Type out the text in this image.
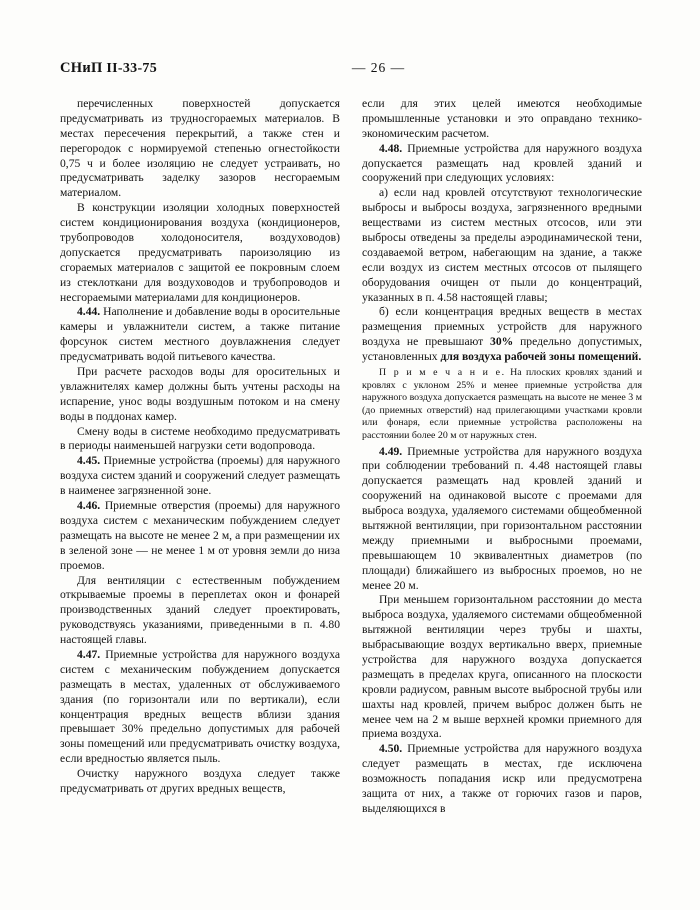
СНиП II-33-75	— 26 —

перечисленных поверхностей допускается предусматривать из трудносгораемых материалов. В местах пересечения перекрытий, а также стен и перегородок с нормируемой степенью огнестойкости 0,75 ч и более изоляцию не следует устраивать, но предусматривать заделку зазоров несгораемым материалом.

В конструкции изоляции холодных поверхностей систем кондиционирования воздуха (кондиционеров, трубопроводов холодоносителя, воздуховодов) допускается предусматривать пароизоляцию из сгораемых материалов с защитой ее покровным слоем из стеклоткани для воздуховодов и трубопроводов и несгораемыми материалами для кондиционеров.

4.44. Наполнение и добавление воды в оросительные камеры и увлажнители систем, а также питание форсунок систем местного доувлажнения следует предусматривать водой питьевого качества.

При расчете расходов воды для оросительных и увлажнителях камер должны быть учтены расходы на испарение, унос воды воздушным потоком и на смену воды в поддонах камер.

Смену воды в системе необходимо предусматривать в периоды наименьшей нагрузки сети водопровода.

4.45. Приемные устройства (проемы) для наружного воздуха систем зданий и сооружений следует размещать в наименее загрязненной зоне.

4.46. Приемные отверстия (проемы) для наружного воздуха систем с механическим побуждением следует размещать на высоте не менее 2 м, а при размещении их в зеленой зоне — не менее 1 м от уровня земли до низа проемов.

Для вентиляции с естественным побуждением открываемые проемы в переплетах окон и фонарей производственных зданий следует проектировать, руководствуясь указаниями, приведенными в п. 4.80 настоящей главы.

4.47. Приемные устройства для наружного воздуха систем с механическим побуждением допускается размещать в местах, удаленных от обслуживаемого здания (по горизонтали или по вертикали), если концентрация вредных веществ вблизи здания превышает 30% предельно допустимых для рабочей зоны помещений или предусматривать очистку воздуха, если вредностью является пыль.

Очистку наружного воздуха следует также предусматривать от других вредных веществ,

если для этих целей имеются необходимые промышленные установки и это оправдано технико-экономическим расчетом.

4.48. Приемные устройства для наружного воздуха допускается размещать над кровлей зданий и сооружений при следующих условиях:

а) если над кровлей отсутствуют технологические выбросы и выбросы воздуха, загрязненного вредными веществами из систем местных отсосов, или эти выбросы отведены за пределы аэродинамической тени, создаваемой ветром, набегающим на здание, а также если воздух из систем местных отсосов от пылящего оборудования очищен от пыли до концентраций, указанных в п. 4.58 настоящей главы;

б) если концентрация вредных веществ в местах размещения приемных устройств для наружного воздуха не превышают 30% предельно допустимых, установленных для воздуха рабочей зоны помещений.

П р и м е ч а н и е. На плоских кровлях зданий и кровлях с уклоном 25% и менее приемные устройства для наружного воздуха допускается размещать на высоте не менее 3 м (до приемных отверстий) над прилегающими участками кровли или фонаря, если приемные устройства расположены на расстоянии более 20 м от наружных стен.

4.49. Приемные устройства для наружного воздуха при соблюдении требований п. 4.48 настоящей главы допускается размещать над кровлей зданий и сооружений на одинаковой высоте с проемами для выброса воздуха, удаляемого системами общеобменной вытяжной вентиляции, при горизонтальном расстоянии между приемными и выбросными проемами, превышающем 10 эквивалентных диаметров (по площади) ближайшего из выбросных проемов, но не менее 20 м.

При меньшем горизонтальном расстоянии до места выброса воздуха, удаляемого системами общеобменной вытяжной вентиляции через трубы и шахты, выбрасывающие воздух вертикально вверх, приемные устройства для наружного воздуха допускается размещать в пределах круга, описанного на плоскости кровли радиусом, равным высоте выбросной трубы или шахты над кровлей, причем выброс должен быть не менее чем на 2 м выше верхней кромки приемного для приема воздуха.

4.50. Приемные устройства для наружного воздуха следует размещать в местах, где исключена возможность попадания искр или предусмотрена защита от них, а также от горючих газов и паров, выделяющихся в
